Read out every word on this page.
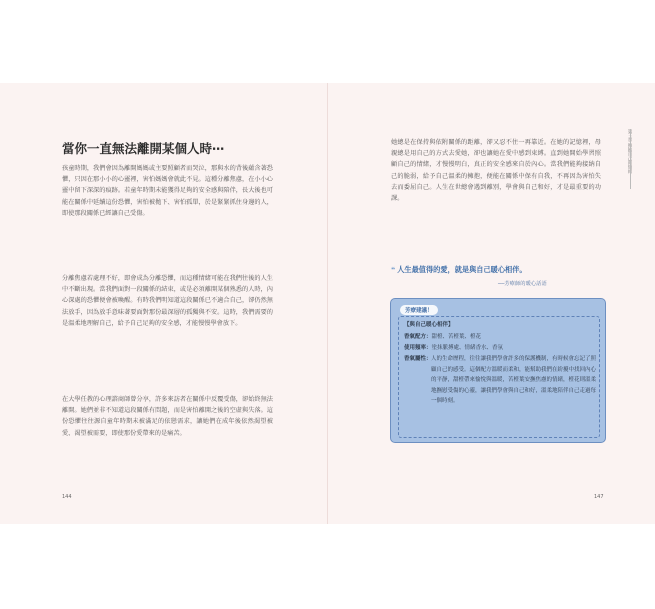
當你一直無法離開某個人時⋯

孩童時期，我們會因為離開媽媽或主要照顧者而哭泣，那與水的背後蘊含著恐懼，只因在那小小的心靈裡，害怕媽媽會就此不見。這種分離焦慮，在小小心靈中留下深深的痕跡。若童年時期未能獲得足夠的安全感與陪伴，長大後也可能在關係中延續這份恐懼，害怕被拋下、害怕孤單，於是緊緊抓住身邊的人，即使那段關係已經讓自己受傷。

分離焦慮若處理不好，即會成為分離恐懼，而這種情緒可能在我們往後的人生中不斷出現。當我們面對一段關係的結束，或是必須離開某個熟悉的人時，內心深處的恐懼便會被喚醒。有時我們明知道這段關係已不適合自己，卻仍然無法放手，因為放手意味著要面對那份最深層的孤獨與不安。這時，我們需要的是溫柔地理解自己，給予自己足夠的安全感，才能慢慢學會放下。

在大學任教的心理諮商師曾分享，許多來訪者在關係中反覆受傷，卻始終無法離開。她們並非不知道這段關係有問題，而是害怕離開之後的空虛與失落。這份恐懼往往源自童年時期未被滿足的依戀需求，讓她們在成年後依然渴望被愛、渴望被需要，即使那份愛帶來的是痛苦。

144

她總是在保持與依附關係的距離，卻又忍不住一再靠近。在她的記憶裡，母親總是用自己的方式去愛她，卻也讓她在愛中感到束縛。直到她開始學習照顧自己的情緒，才慢慢明白，真正的安全感來自於內心。當我們能夠接納自己的脆弱，給予自己溫柔的擁抱，便能在關係中保有自我，不再因為害怕失去而委屈自己。人生在世總會遇到離別，學會與自己和好，才是最重要的功課。

❝ 人生最值得的愛，就是與自己暖心相伴。
──芳療師的暖心話語
芳療建議！
【與自己暖心相伴】
香氣配方：甜橙、苦橙葉、橙花
使用頻率：塗抹脈搏處、情緒香水、香氛
香氣屬性： 人的生命歷程，往往讓我們學會許多的保護機制，有時候會忘記了照顧自己的感受。這個配方溫暖而柔和，能幫助我們在紛擾中找回內心的平靜，甜橙帶來愉悅與溫暖，苦橙葉安撫焦慮的情緒，橙花則溫柔地撫慰受傷的心靈，讓我們學會與自己和好，溫柔地陪伴自己走過每一個時刻。
147
